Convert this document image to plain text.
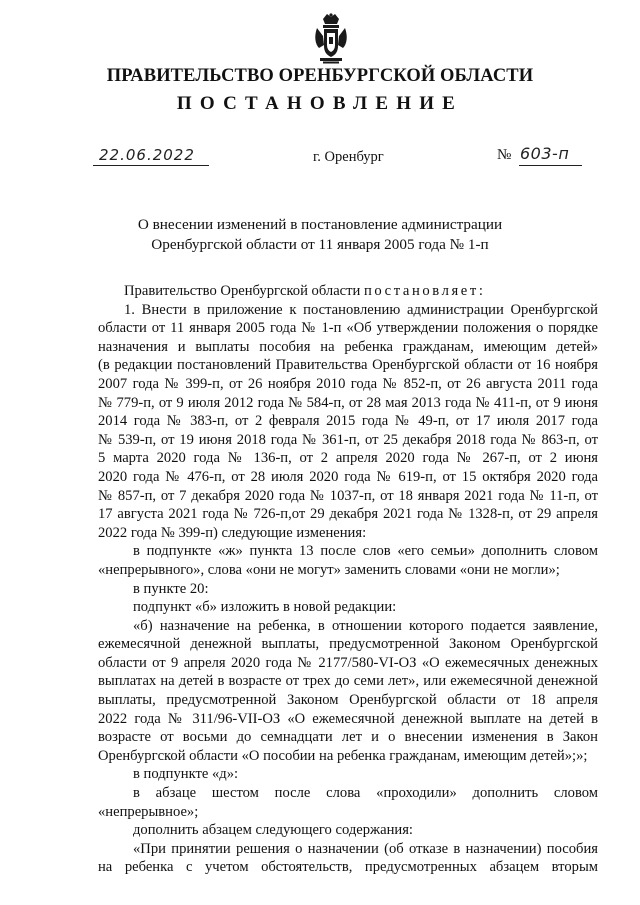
ПРАВИТЕЛЬСТВО ОРЕНБУРГСКОЙ ОБЛАСТИ
ПОСТАНОВЛЕНИЕ
22.06.2022	г. Оренбург	№ 603-п
О внесении изменений в постановление администрации
Оренбургской области от 11 января 2005 года № 1-п
Правительство Оренбургской области постановляет:
1. Внести в приложение к постановлению администрации Оренбургской
области от 11 января 2005 года № 1-п «Об утверждении положения о порядке
назначения и выплаты пособия на ребенка гражданам, имеющим детей»
(в редакции постановлений Правительства Оренбургской области от 16 ноября
2007 года № 399-п, от 26 ноября 2010 года № 852-п, от 26 августа 2011 года
№ 779-п, от 9 июля 2012 года № 584-п, от 28 мая 2013 года № 411-п, от 9 июня
2014 года № 383-п, от 2 февраля 2015 года № 49-п, от 17 июля 2017 года
№ 539-п, от 19 июня 2018 года № 361-п, от 25 декабря 2018 года № 863-п, от
5 марта 2020 года № 136-п, от 2 апреля 2020 года № 267-п, от 2 июня
2020 года № 476-п, от 28 июля 2020 года № 619-п, от 15 октября 2020 года
№ 857-п, от 7 декабря 2020 года № 1037-п, от 18 января 2021 года № 11-п, от
17 августа 2021 года № 726-п,от 29 декабря 2021 года № 1328-п, от 29 апреля
2022 года № 399-п) следующие изменения:
в подпункте «ж» пункта 13 после слов «его семьи» дополнить словом
«непрерывного», слова «они не могут» заменить словами «они не могли»;
в пункте 20:
подпункт «б» изложить в новой редакции:
«б) назначение на ребенка, в отношении которого подается заявление,
ежемесячной денежной выплаты, предусмотренной Законом Оренбургской
области от 9 апреля 2020 года № 2177/580-VI-ОЗ «О ежемесячных денежных
выплатах на детей в возрасте от трех до семи лет», или ежемесячной денежной
выплаты, предусмотренной Законом Оренбургской области от 18 апреля
2022 года № 311/96-VII-ОЗ «О ежемесячной денежной выплате на детей в
возрасте от восьми до семнадцати лет и о внесении изменения в Закон
Оренбургской области «О пособии на ребенка гражданам, имеющим детей»;»;
в подпункте «д»:
в абзаце шестом после слова «проходили» дополнить словом
«непрерывное»;
дополнить абзацем следующего содержания:
«При принятии решения о назначении (об отказе в назначении) пособия
на ребенка с учетом обстоятельств, предусмотренных абзацем вторым
